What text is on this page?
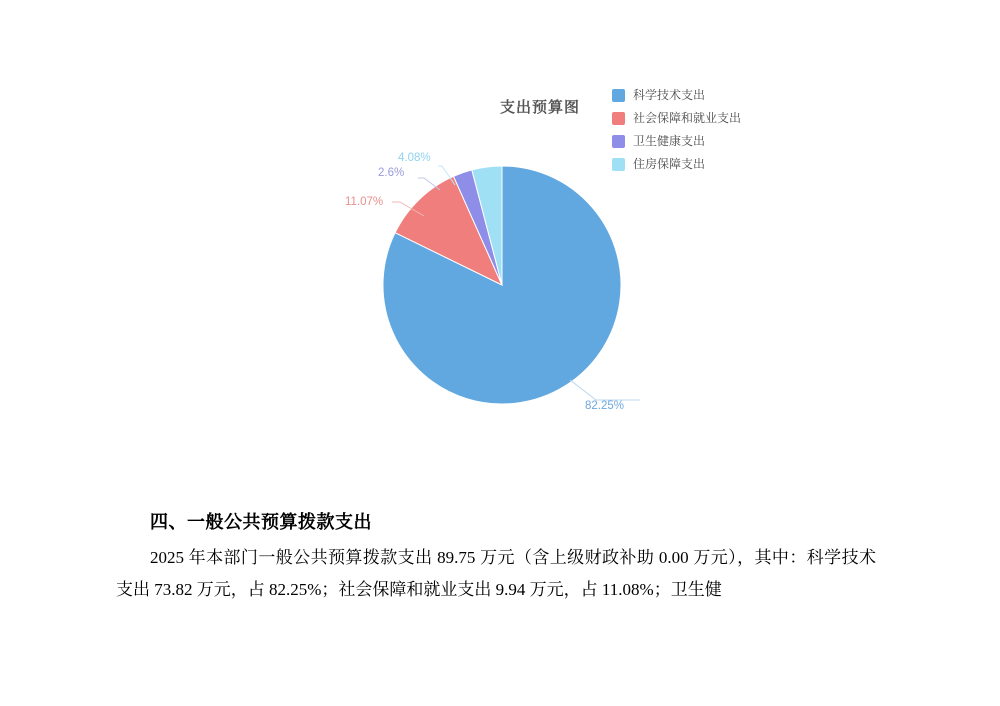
支出预算图
科学技术支出
社会保障和就业支出
卫生健康支出
住房保障支出
82.25%
11.07%
2.6%
4.08%
四、一般公共预算拨款支出
2025 年本部门一般公共预算拨款支出 89.75 万元（含上级财政补助 0.00 万元），其中：科学技术支出 73.82 万元，占 82.25%；社会保障和就业支出 9.94 万元，占 11.08%；卫生健
